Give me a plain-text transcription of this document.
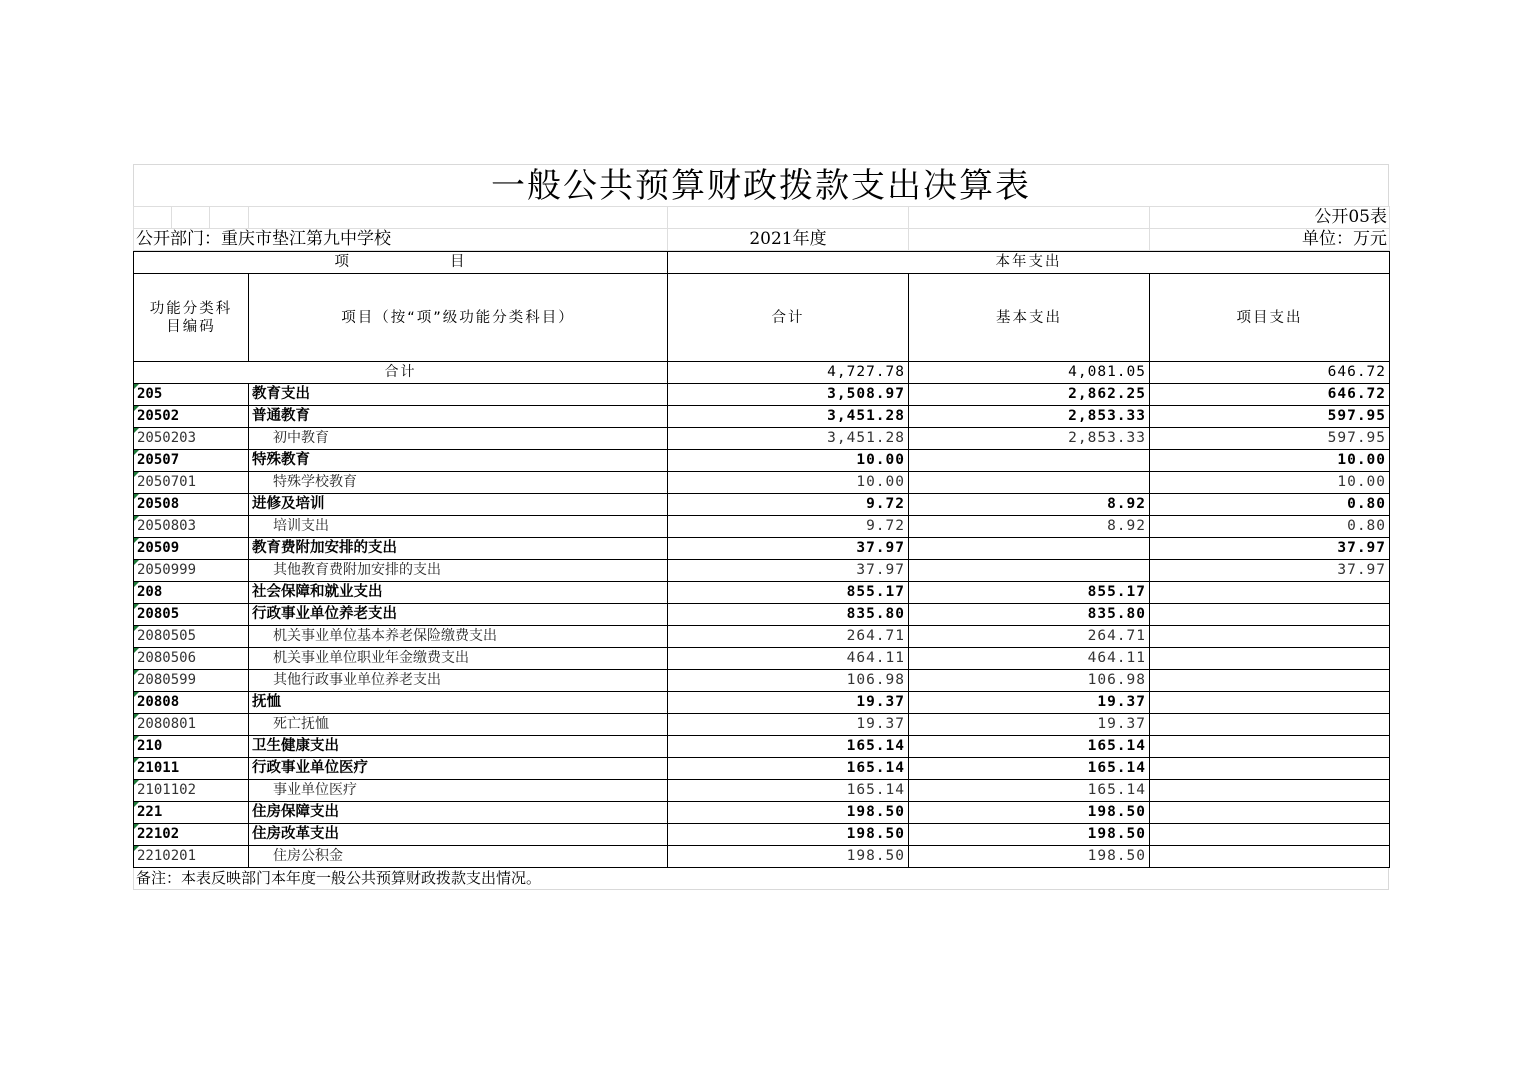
一般公共预算财政拨款支出决算表
						公开05表
公开部门：重庆市垫江第九中学校				2021年度		单位：万元
项　　　　　　目		本年支出		
功能分类科目编码	项目（按“项”级功能分类科目）	合计	基本支出	项目支出
合计		4,727.78	4,081.05	646.72
205	教育支出	3,508.97	2,862.25	646.72
20502	普通教育	3,451.28	2,853.33	597.95
2050203	初中教育	3,451.28	2,853.33	597.95
20507	特殊教育	10.00		10.00
2050701	特殊学校教育	10.00		10.00
20508	进修及培训	9.72	8.92	0.80
2050803	培训支出	9.72	8.92	0.80
20509	教育费附加安排的支出	37.97		37.97
2050999	其他教育费附加安排的支出	37.97		37.97
208	社会保障和就业支出	855.17	855.17	
20805	行政事业单位养老支出	835.80	835.80	
2080505	机关事业单位基本养老保险缴费支出	264.71	264.71	
2080506	机关事业单位职业年金缴费支出	464.11	464.11	
2080599	其他行政事业单位养老支出	106.98	106.98	
20808	抚恤	19.37	19.37	
2080801	死亡抚恤	19.37	19.37	
210	卫生健康支出	165.14	165.14	
21011	行政事业单位医疗	165.14	165.14	
2101102	事业单位医疗	165.14	165.14	
221	住房保障支出	198.50	198.50	
22102	住房改革支出	198.50	198.50	
2210201	住房公积金	198.50	198.50	
备注：本表反映部门本年度一般公共预算财政拨款支出情况。
